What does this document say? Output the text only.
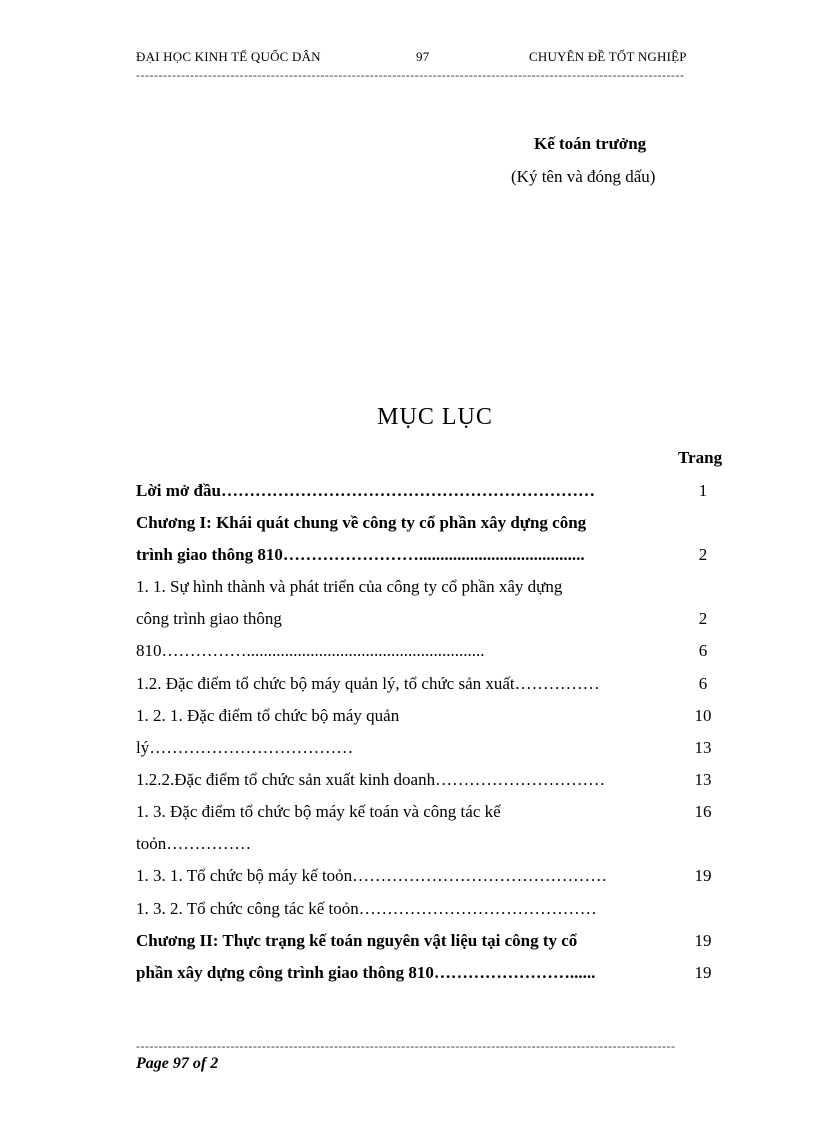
ĐẠI HỌC KINH TẾ QUỐC DÂN	97	CHUYÊN ĐỀ TỐT NGHIỆP
--------------------------------------------------------------------------------------------------------------------------
Kế toán trưởng
(Ký tên và đóng dấu)
MỤC LỤC
Trang
Lời mở đầu…………………………………………………………
Chương I: Khái quát chung về công ty cổ phần xây dựng công
trình giao thông 810…………………….......................................
1. 1. Sự hình thành và phát triển của công ty cổ phần xây dựng
công trình giao thông
810……………........................................................
1.2. Đặc điểm tổ chức bộ máy quản lý, tổ chức sản xuất……………
1. 2. 1. Đặc điểm tổ chức bộ máy quản
lý………………………………
1.2.2.Đặc điểm tổ chức sản xuất kinh doanh…………………………
1. 3. Đặc điểm tổ chức bộ máy kế toán và công tác kế
toỏn……………
1. 3. 1. Tổ chức bộ máy kế toỏn………………………………………
1. 3. 2. Tổ chức công tác kế toỏn……………………………………
Chương II: Thực trạng kế toán nguyên vật liệu tại công ty cổ
phần xây dựng công trình giao thông 810……………………......
1
2
2
6
6
10
13
13
16
19
19
19
------------------------------------------------------------------------------------------------------------------------
Page 97 of 2
